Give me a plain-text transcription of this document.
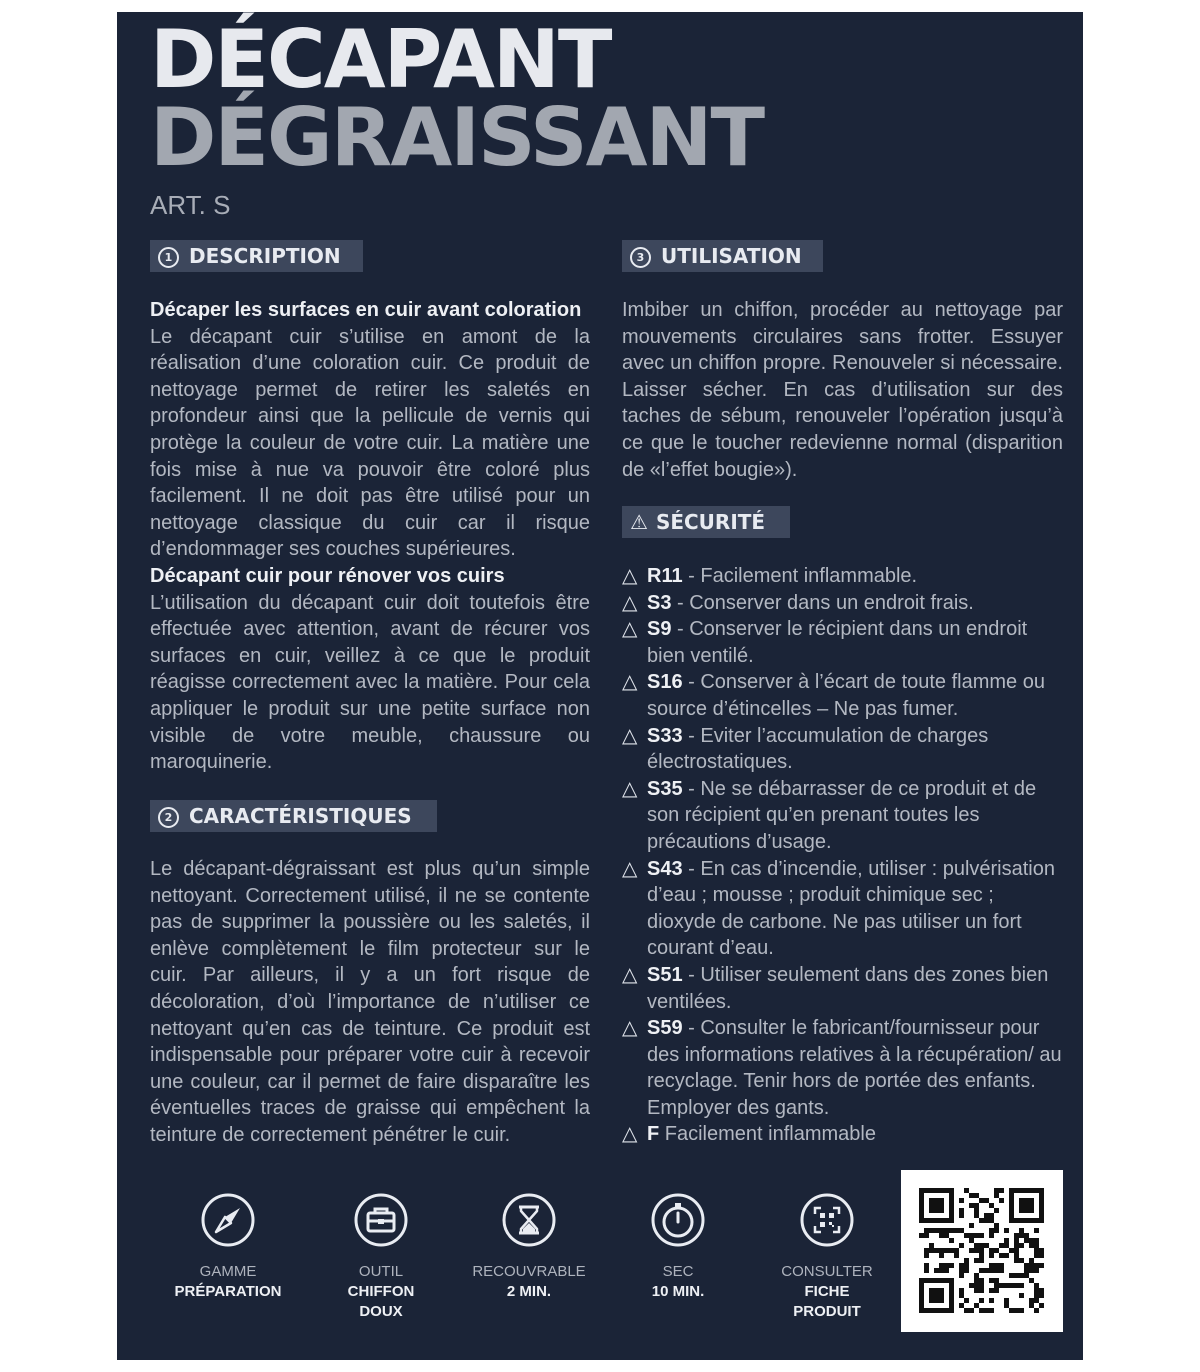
DÉCAPANT
DÉGRAISSANT
ART. S
1 DESCRIPTION

Décaper les surfaces en cuir avant coloration

Le décapant cuir s’utilise en amont de la réalisation d’une coloration cuir. Ce produit de nettoyage permet de retirer les saletés en profondeur ainsi que la pellicule de vernis qui protège la couleur de votre cuir. La matière une fois mise à nue va pouvoir être coloré plus facilement. Il ne doit pas être utilisé pour un nettoyage classique du cuir car il risque d’endommager ses couches supérieures.

Décapant cuir pour rénover vos cuirs

L’utilisation du décapant cuir doit toutefois être effectuée avec attention, avant de récurer vos surfaces en cuir, veillez à ce que le produit réagisse correctement avec la matière. Pour cela appliquer le produit sur une petite surface non visible de votre meuble, chaussure ou maroquinerie.

2 CARACTÉRISTIQUES

Le décapant-dégraissant est plus qu’un simple nettoyant. Correctement utilisé, il ne se contente pas de supprimer la poussière ou les saletés, il enlève complètement le film protecteur sur le cuir. Par ailleurs, il y a un fort risque de décoloration, d’où l’importance de n’utiliser ce nettoyant qu’en cas de teinture. Ce produit est indispensable pour préparer votre cuir à recevoir une couleur, car il permet de faire disparaître les éventuelles traces de graisse qui empêchent la teinture de correctement pénétrer le cuir.

3 UTILISATION

Imbiber un chiffon, procéder au nettoyage par mouvements circulaires sans frotter. Essuyer avec un chiffon propre. Renouveler si nécessaire. Laisser sécher. En cas d’utilisation sur des taches de sébum, renouveler l’opération jusqu’à ce que le toucher redevienne normal (disparition de «l’effet bougie»).

⚠ SÉCURITÉ
△ R11 - Facilement inflammable.
△ S3 - Conserver dans un endroit frais.
△ S9 - Conserver le récipient dans un endroit bien ventilé.
△ S16 - Conserver à l’écart de toute flamme ou source d’étincelles – Ne pas fumer.
△ S33 - Eviter l’accumulation de charges électrostatiques.
△ S35 - Ne se débarrasser de ce produit et de son récipient qu’en prenant toutes les précautions d’usage.
△ S43 - En cas d’incendie, utiliser : pulvérisation d’eau ; mousse ; produit chimique sec ; dioxyde de carbone. Ne pas utiliser un fort courant d’eau.
△ S51 - Utiliser seulement dans des zones bien ventilées.
△ S59 - Consulter le fabricant/fournisseur pour des informations relatives à la récupération/ au recyclage. Tenir hors de portée des enfants. Employer des gants.
△ F Facilement inflammable
GAMME
PRÉPARATION
OUTIL
CHIFFON
DOUX
RECOUVRABLE
2 MIN.
SEC
10 MIN.
CONSULTER
FICHE
PRODUIT
